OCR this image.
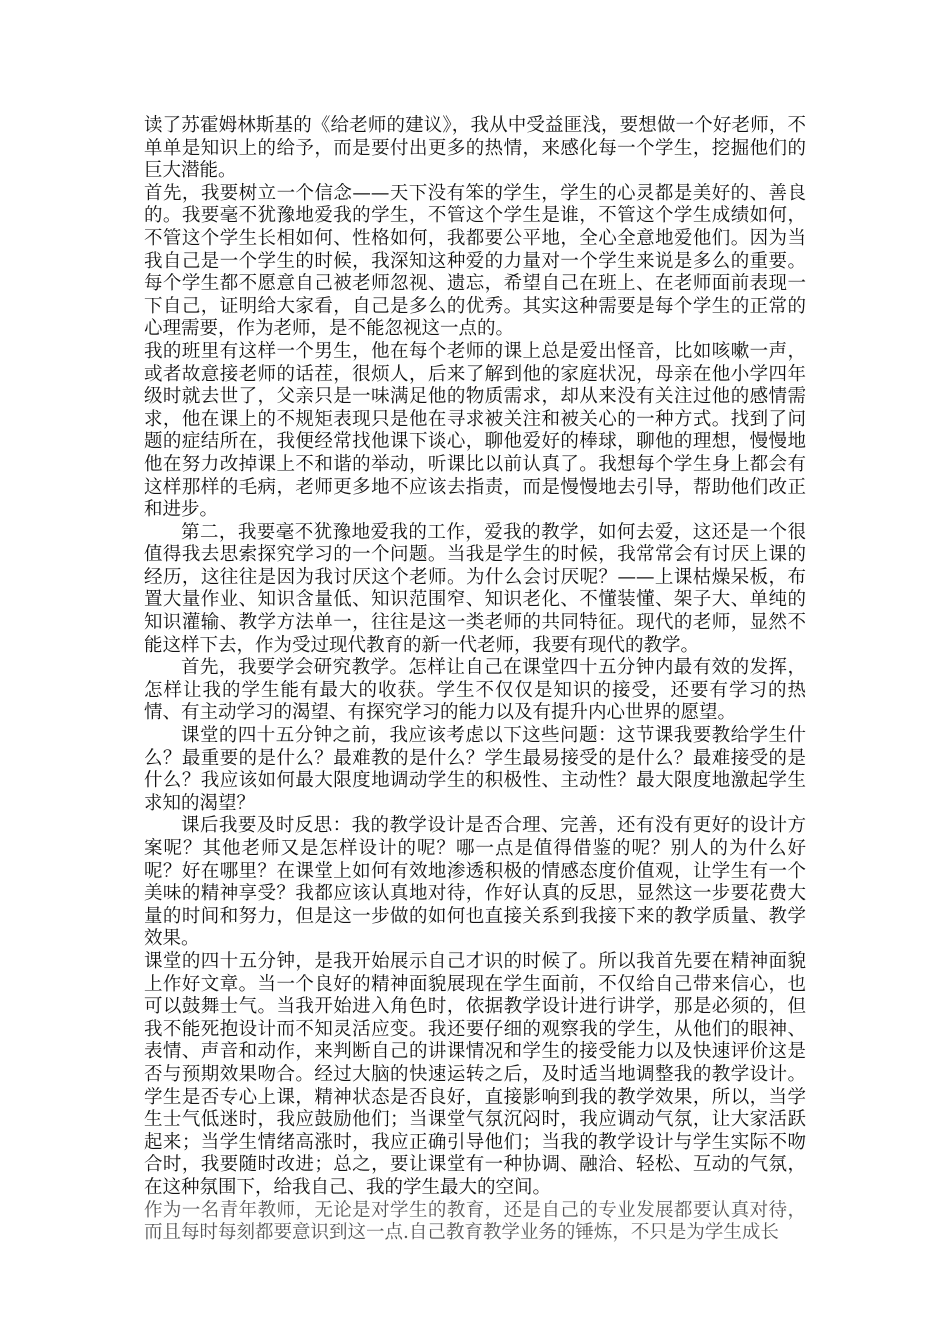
读了苏霍姆林斯基的《给老师的建议》，我从中受益匪浅，要想做一个好老师，不单单是知识上的给予，而是要付出更多的热情，来感化每一个学生，挖掘他们的巨大潜能。

首先，我要树立一个信念——天下没有笨的学生，学生的心灵都是美好的、善良的。我要毫不犹豫地爱我的学生，不管这个学生是谁，不管这个学生成绩如何，不管这个学生长相如何、性格如何，我都要公平地，全心全意地爱他们。因为当我自己是一个学生的时候，我深知这种爱的力量对一个学生来说是多么的重要。每个学生都不愿意自己被老师忽视、遗忘，希望自己在班上、在老师面前表现一下自己，证明给大家看，自己是多么的优秀。其实这种需要是每个学生的正常的心理需要，作为老师，是不能忽视这一点的。

我的班里有这样一个男生，他在每个老师的课上总是爱出怪音，比如咳嗽一声，或者故意接老师的话茬，很烦人，后来了解到他的家庭状况，母亲在他小学四年级时就去世了，父亲只是一味满足他的物质需求，却从来没有关注过他的感情需求，他在课上的不规矩表现只是他在寻求被关注和被关心的一种方式。找到了问题的症结所在，我便经常找他课下谈心，聊他爱好的棒球，聊他的理想，慢慢地他在努力改掉课上不和谐的举动，听课比以前认真了。我想每个学生身上都会有这样那样的毛病，老师更多地不应该去指责，而是慢慢地去引导，帮助他们改正和进步。

第二，我要毫不犹豫地爱我的工作，爱我的教学，如何去爱，这还是一个很值得我去思索探究学习的一个问题。当我是学生的时候，我常常会有讨厌上课的经历，这往往是因为我讨厌这个老师。为什么会讨厌呢？——上课枯燥呆板，布置大量作业、知识含量低、知识范围窄、知识老化、不懂装懂、架子大、单纯的知识灌输、教学方法单一，往往是这一类老师的共同特征。现代的老师，显然不能这样下去，作为受过现代教育的新一代老师，我要有现代的教学。

首先，我要学会研究教学。怎样让自己在课堂四十五分钟内最有效的发挥，怎样让我的学生能有最大的收获。学生不仅仅是知识的接受，还要有学习的热情、有主动学习的渴望、有探究学习的能力以及有提升内心世界的愿望。

课堂的四十五分钟之前，我应该考虑以下这些问题：这节课我要教给学生什么？最重要的是什么？最难教的是什么？学生最易接受的是什么？最难接受的是什么？我应该如何最大限度地调动学生的积极性、主动性？最大限度地激起学生求知的渴望？

课后我要及时反思：我的教学设计是否合理、完善，还有没有更好的设计方案呢？其他老师又是怎样设计的呢？哪一点是值得借鉴的呢？别人的为什么好呢？好在哪里？在课堂上如何有效地渗透积极的情感态度价值观，让学生有一个美味的精神享受？我都应该认真地对待，作好认真的反思，显然这一步要花费大量的时间和努力，但是这一步做的如何也直接关系到我接下来的教学质量、教学效果。

课堂的四十五分钟，是我开始展示自己才识的时候了。所以我首先要在精神面貌上作好文章。当一个良好的精神面貌展现在学生面前，不仅给自己带来信心，也可以鼓舞士气。当我开始进入角色时，依据教学设计进行讲学，那是必须的，但我不能死抱设计而不知灵活应变。我还要仔细的观察我的学生，从他们的眼神、表情、声音和动作，来判断自己的讲课情况和学生的接受能力以及快速评价这是否与预期效果吻合。经过大脑的快速运转之后，及时适当地调整我的教学设计。学生是否专心上课，精神状态是否良好，直接影响到我的教学效果，所以，当学生士气低迷时，我应鼓励他们；当课堂气氛沉闷时，我应调动气氛，让大家活跃起来；当学生情绪高涨时，我应正确引导他们；当我的教学设计与学生实际不吻合时，我要随时改进；总之，要让课堂有一种协调、融洽、轻松、互动的气氛，在这种氛围下，给我自己、我的学生最大的空间。

作为一名青年教师，无论是对学生的教育，还是自己的专业发展都要认真对待，而且每时每刻都要意识到这一点.自己教育教学业务的锤炼，不只是为学生成长
